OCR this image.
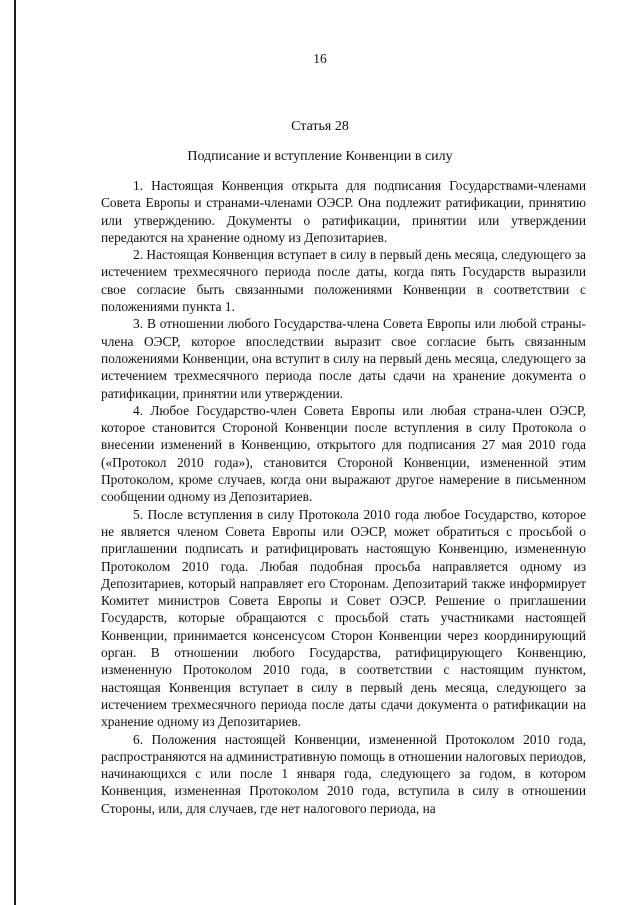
16
Статья 28
Подписание и вступление Конвенции в силу

1. Настоящая Конвенция открыта для подписания Государствами-членами Совета Европы и странами-членами ОЭСР. Она подлежит ратификации, принятию или утверждению. Документы о ратификации, принятии или утверждении передаются на хранение одному из Депозитариев.

2. Настоящая Конвенция вступает в силу в первый день месяца, следующего за истечением трехмесячного периода после даты, когда пять Государств выразили свое согласие быть связанными положениями Конвенции в соответствии с положениями пункта 1.

3. В отношении любого Государства-члена Совета Европы или любой страны-члена ОЭСР, которое впоследствии выразит свое согласие быть связанным положениями Конвенции, она вступит в силу на первый день месяца, следующего за истечением трехмесячного периода после даты сдачи на хранение документа о ратификации, принятии или утверждении.

4. Любое Государство-член Совета Европы или любая страна-член ОЭСР, которое становится Стороной Конвенции после вступления в силу Протокола о внесении изменений в Конвенцию, открытого для подписания 27 мая 2010 года («Протокол 2010 года»), становится Стороной Конвенции, измененной этим Протоколом, кроме случаев, когда они выражают другое намерение в письменном сообщении одному из Депозитариев.

5. После вступления в силу Протокола 2010 года любое Государство, которое не является членом Совета Европы или ОЭСР, может обратиться с просьбой о приглашении подписать и ратифицировать настоящую Конвенцию, измененную Протоколом 2010 года. Любая подобная просьба направляется одному из Депозитариев, который направляет его Сторонам. Депозитарий также информирует Комитет министров Совета Европы и Совет ОЭСР. Решение о приглашении Государств, которые обращаются с просьбой стать участниками настоящей Конвенции, принимается консенсусом Сторон Конвенции через координирующий орган. В отношении любого Государства, ратифицирующего Конвенцию, измененную Протоколом 2010 года, в соответствии с настоящим пунктом, настоящая Конвенция вступает в силу в первый день месяца, следующего за истечением трехмесячного периода после даты сдачи документа о ратификации на хранение одному из Депозитариев.

6. Положения настоящей Конвенции, измененной Протоколом 2010 года, распространяются на административную помощь в отношении налоговых периодов, начинающихся с или после 1 января года, следующего за годом, в котором Конвенция, измененная Протоколом 2010 года, вступила в силу в отношении Стороны, или, для случаев, где нет налогового периода, на
